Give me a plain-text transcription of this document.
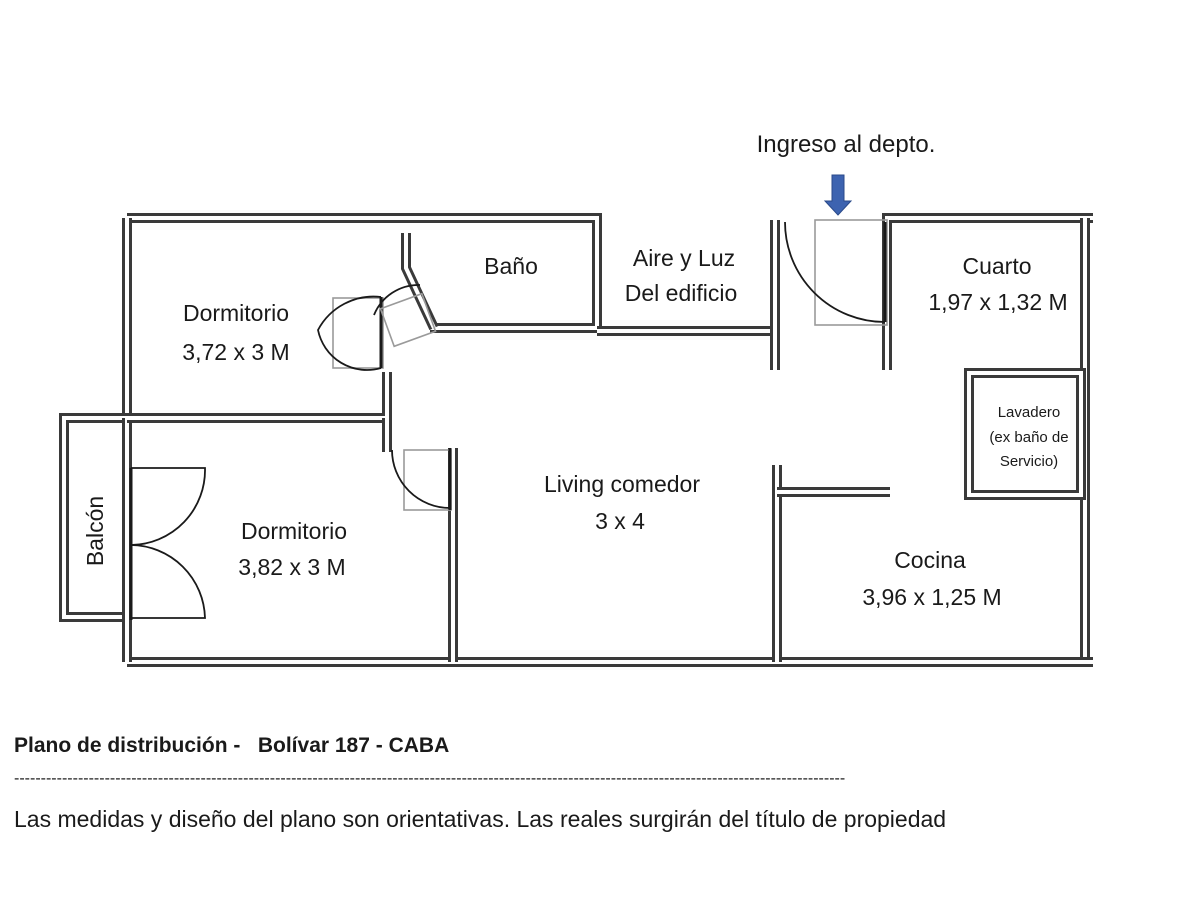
Ingreso al depto.
Baño	Aire y Luz
Del edificio
Cuarto
1,97 x 1,32 M
Dormitorio
3,72 x 3 M
Lavadero
(ex baño de
Servicio)
Living comedor
3 x 4
Balcón	Dormitorio
3,82 x 3 M	Cocina
3,96 x 1,25 M
Plano de distribución -   Bolívar 187 - CABA
------------------------------------------------------------------------------------------------------------------------------------------------------------
Las medidas y diseño del plano son orientativas. Las reales surgirán del título de propiedad
